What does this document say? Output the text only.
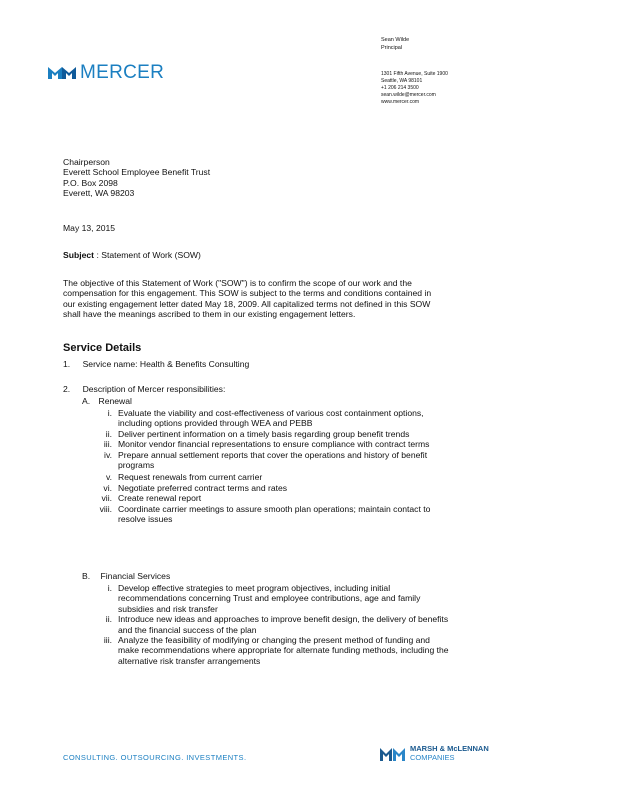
MERCER
Sean Wilde
Principal
1301 Fifth Avenue, Suite 1900
Seattle, WA 98101
+1 206 214 3500
sean.wilde@mercer.com
www.mercer.com
Chairperson
Everett School Employee Benefit Trust
P.O. Box 2098
Everett, WA 98203
May 13, 2015
Subject : Statement of Work (SOW)
The objective of this Statement of Work ("SOW") is to confirm the scope of our work and the
compensation for this engagement. This SOW is subject to the terms and conditions contained in
our existing engagement letter dated May 18, 2009. All capitalized terms not defined in this SOW
shall have the meanings ascribed to them in our existing engagement letters.
Service Details
1. Service name: Health & Benefits Consulting
2. Description of Mercer responsibilities:
A. Renewal
i. Evaluate the viability and cost-effectiveness of various cost containment options,
including options provided through WEA and PEBB
ii. Deliver pertinent information on a timely basis regarding group benefit trends
iii. Monitor vendor financial representations to ensure compliance with contract terms
iv. Prepare annual settlement reports that cover the operations and history of benefit
programs
v. Request renewals from current carrier
vi. Negotiate preferred contract terms and rates
vii. Create renewal report
viii. Coordinate carrier meetings to assure smooth plan operations; maintain contact to
resolve issues
B. Financial Services
i. Develop effective strategies to meet program objectives, including initial
recommendations concerning Trust and employee contributions, age and family
subsidies and risk transfer
ii. Introduce new ideas and approaches to improve benefit design, the delivery of benefits
and the financial success of the plan
iii. Analyze the feasibility of modifying or changing the present method of funding and
make recommendations where appropriate for alternate funding methods, including the
alternative risk transfer arrangements
CONSULTING. OUTSOURCING. INVESTMENTS.
MARSH & McLENNAN
COMPANIES
